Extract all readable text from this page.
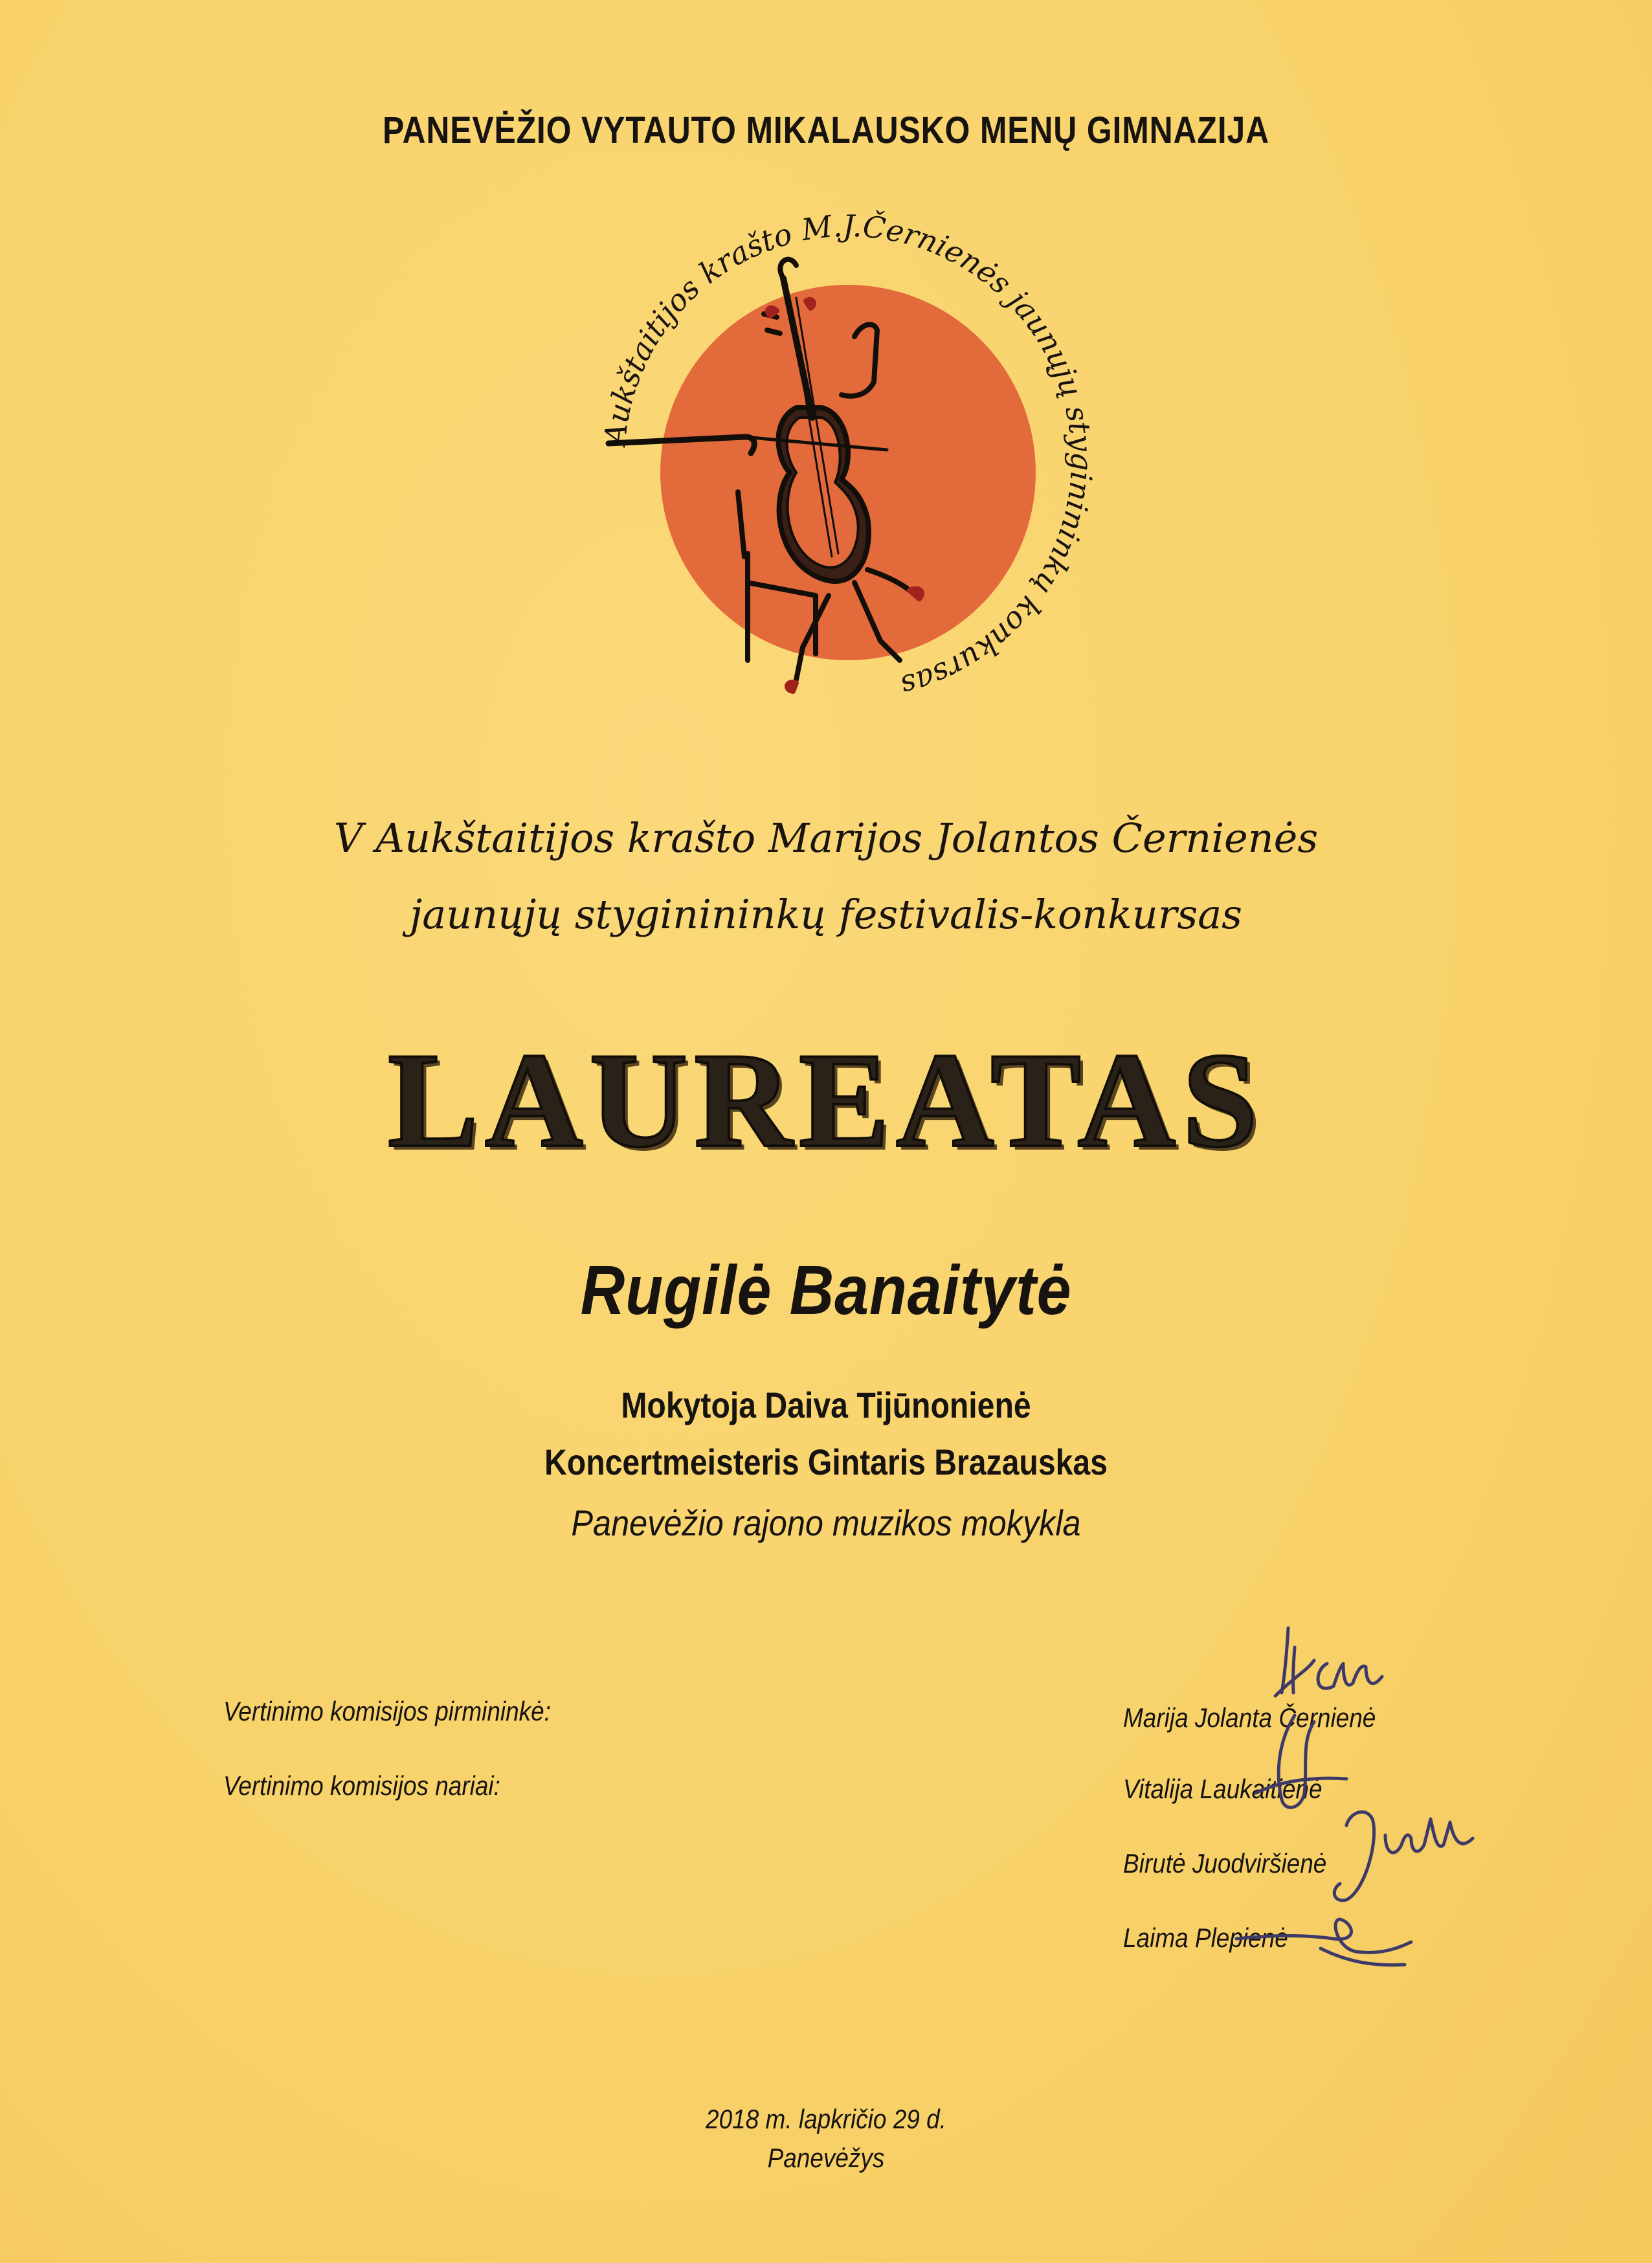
PANEVĖŽIO VYTAUTO MIKALAUSKO MENŲ GIMNAZIJA
Aukštaitijos krašto M.J.Černienės jaunųjų styginininkų konkursas
V Aukštaitijos krašto Marijos Jolantos Černienės
jaunųjų styginininkų festivalis-konkursas
LAUREATAS
Rugilė Banaitytė
Mokytoja Daiva Tijūnonienė
Koncertmeisteris Gintaris Brazauskas
Panevėžio rajono muzikos mokykla
Vertinimo komisijos pirmininkė:
Vertinimo komisijos nariai:
Marija Jolanta Černienė
Vitalija Laukaitienė
Birutė Juodviršienė
Laima Plepienė
2018 m. lapkričio 29 d.
Panevėžys
